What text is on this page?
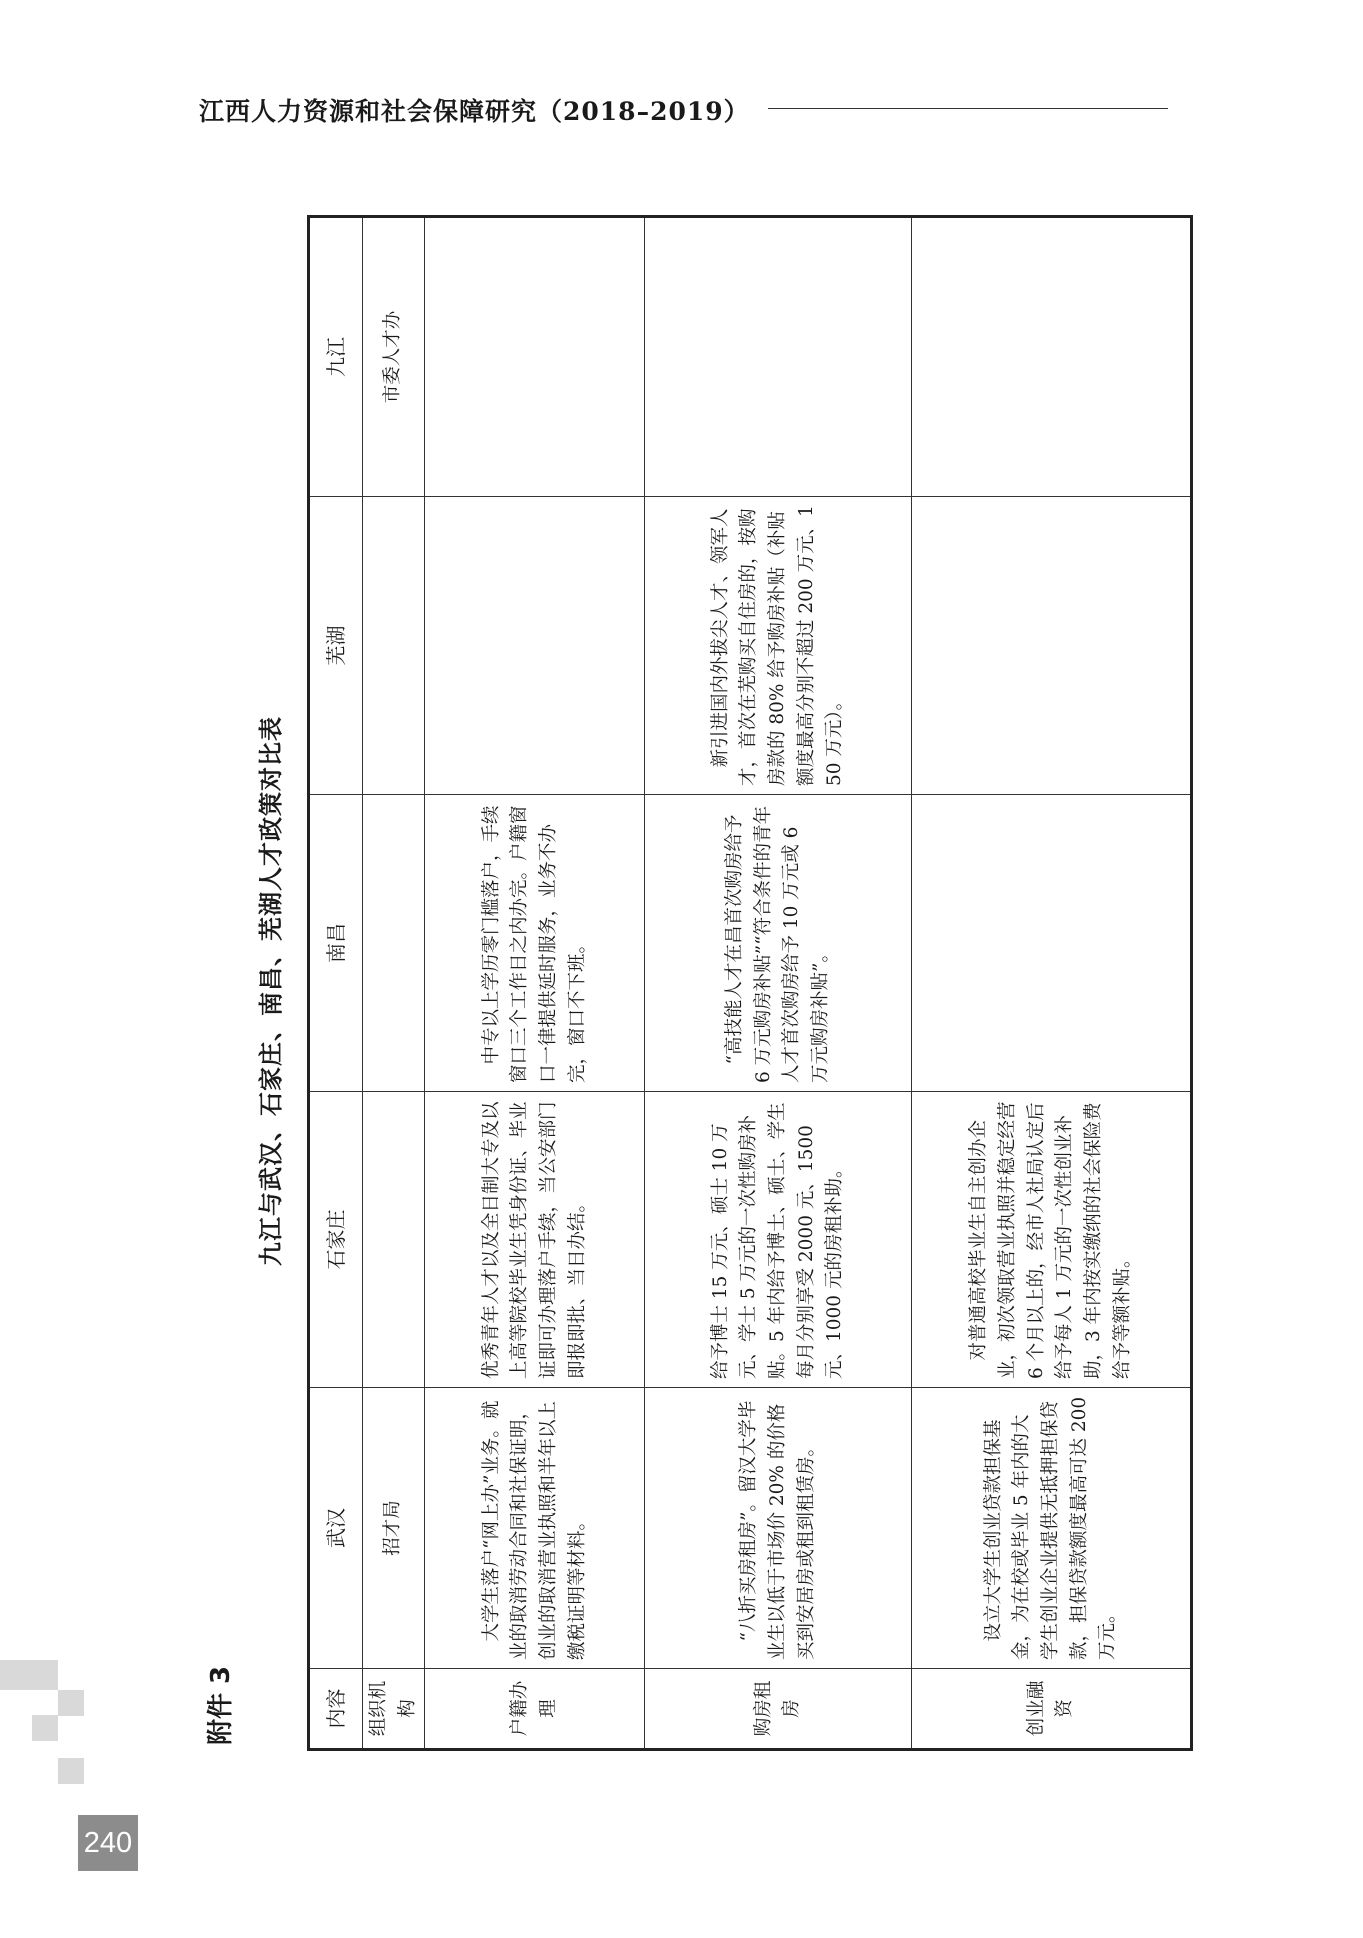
江西人力资源和社会保障研究（2018–2019）
240
附件 3
九江与武汉、石家庄、南昌、芜湖人才政策对比表
内容	武汉	石家庄	南昌	芜湖	九江
组织机构	招才局				市委人才办
户籍办理	大学生落户“网上办”业务。就业的取消劳动合同和社保证明，创业的取消营业执照和半年以上缴税证明等材料。	优秀青年人才以及全日制大专及以上高等院校毕业生凭身份证、毕业证即可办理落户手续，当公安部门即报即批、当日办结。	中专以上学历零门槛落户，手续窗口三个工作日之内办完。户籍窗口一律提供延时服务，业务不办完，窗口不下班。		
购房租房	“八折买房租房”。留汉大学毕业生以低于市场价 20% 的价格买到安居房或租到租赁房。	给予博士 15 万元、硕士 10 万元、学士 5 万元的一次性购房补贴。5 年内给予博士、硕士、学生每月分别享受 2000 元、1500 元、1000 元的房租补助。	“高技能人才在昌首次购房给予 6 万元购房补贴”“符合条件的青年人才首次购房给予 10 万元或 6 万元购房补贴”。	新引进国内外拔尖人才、领军人才，首次在芜购买自住房的，按购房款的 80% 给予购房补贴（补贴额度最高分别不超过 200 万元、150 万元）。	
创业融资	设立大学生创业贷款担保基金，为在校或毕业 5 年内的大学生创业企业提供无抵押担保贷款，担保贷款额度最高可达 200 万元。	对普通高校毕业生自主创办企业，初次领取营业执照并稳定经营 6 个月以上的，经市人社局认定后给予每人 1 万元的一次性创业补助，3 年内按实缴纳的社会保险费给予等额补贴。			
